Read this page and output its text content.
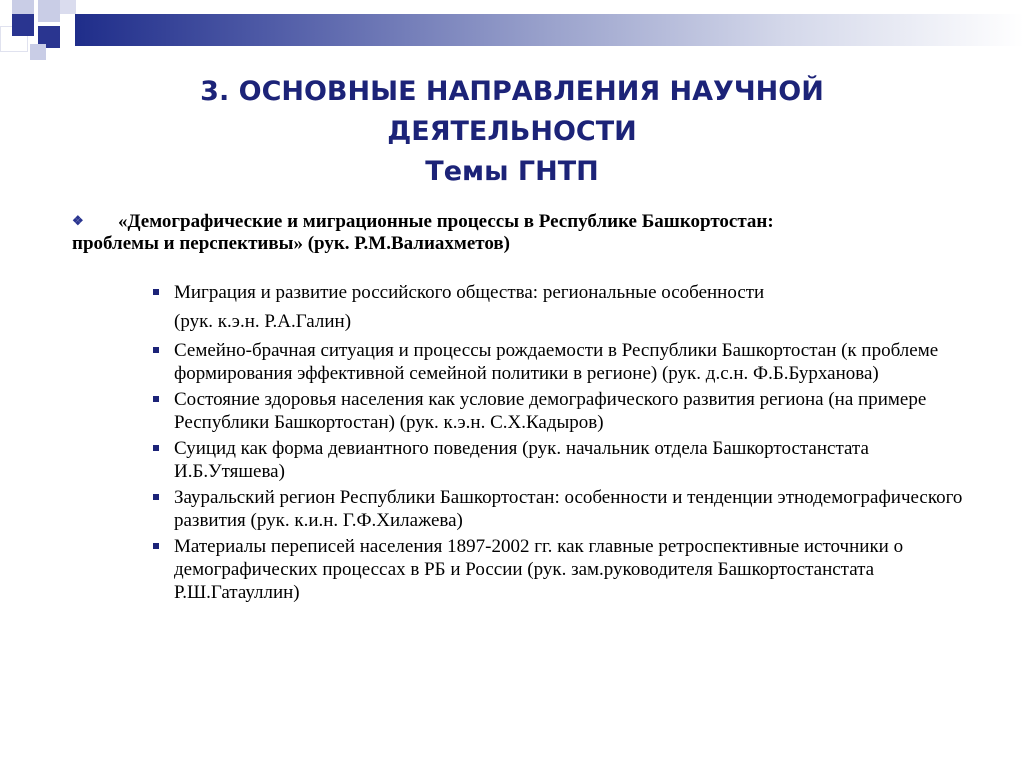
3. ОСНОВНЫЕ НАПРАВЛЕНИЯ НАУЧНОЙ
ДЕЯТЕЛЬНОСТИ
Темы ГНТП
❖ «Демографические и миграционные процессы в Республике Башкортостан:
проблемы и перспективы» (рук. Р.М.Валиахметов)
Миграция и развитие российского общества: региональные особенности
(рук. к.э.н. Р.А.Галин)
Семейно-брачная ситуация и процессы рождаемости в Республики Башкортостан (к проблеме формирования эффективной семейной политики в регионе) (рук. д.с.н. Ф.Б.Бурханова)
Состояние здоровья населения как условие демографического развития региона (на примере Республики Башкортостан) (рук. к.э.н. С.Х.Кадыров)
Суицид как форма девиантного поведения (рук. начальник отдела Башкортостанстата И.Б.Утяшева)
Зауральский регион Республики Башкортостан: особенности и тенденции этнодемографического развития (рук. к.и.н. Г.Ф.Хилажева)
Материалы переписей населения 1897-2002 гг. как главные ретроспективные источники о демографических процессах в РБ и России (рук. зам.руководителя Башкортостанстата Р.Ш.Гатауллин)
